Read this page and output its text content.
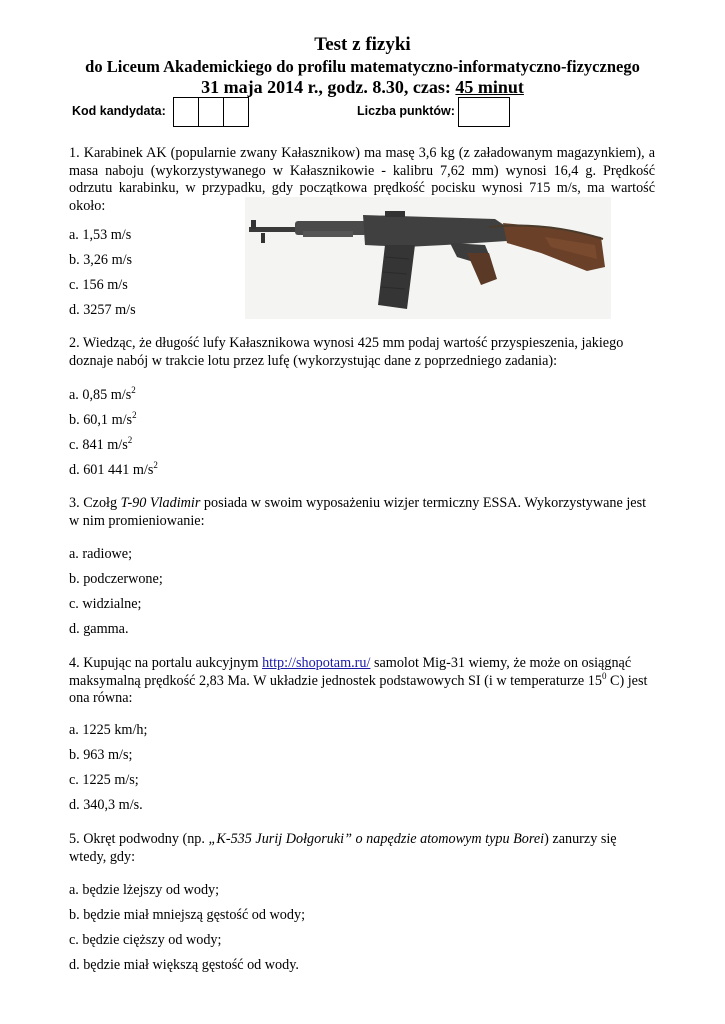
Test z fizyki
do Liceum Akademickiego do profilu matematyczno-informatyczno-fizycznego
31 maja 2014 r., godz. 8.30, czas: 45 minut
Kod kandydata:	Liczba punktów:
1. Karabinek AK (popularnie zwany Kałasznikow) ma masę 3,6 kg (z załadowanym magazynkiem), a masa naboju (wykorzystywanego w Kałasznikowie - kalibru 7,62 mm) wynosi 16,4 g. Prędkość odrzutu karabinku, w przypadku, gdy początkowa prędkość pocisku wynosi 715 m/s, ma wartość około:
a. 1,53 m/s
b. 3,26 m/s
c. 156 m/s
d. 3257 m/s
2. Wiedząc, że długość lufy Kałasznikowa wynosi 425 mm podaj wartość przyspieszenia, jakiego doznaje nabój w trakcie lotu przez lufę (wykorzystując dane z poprzedniego zadania):
a. 0,85 $m/s^2$
b. 60,1 $m/s^2$
c. 841 $m/s^2$
d. 601 441 $m/s^2$
3. Czołg T-90 Vladimir posiada w swoim wyposażeniu wizjer termiczny ESSA. Wykorzystywane jest w nim promieniowanie:
a. radiowe;
b. podczerwone;
c. widzialne;
d. gamma.
4. Kupując na portalu aukcyjnym http://shopotam.ru/ samolot Mig-31 wiemy, że może on osiągnąć maksymalną prędkość 2,83 Ma. W układzie jednostek podstawowych SI (i w temperaturze $15^0$ C) jest ona równa:
a. 1225 km/h;
b. 963 m/s;
c. 1225 m/s;
d. 340,3 m/s.
5. Okręt podwodny (np. „K-535 Jurij Dołgoruki” o napędzie atomowym typu Borei) zanurzy się wtedy, gdy:
a. będzie lżejszy od wody;
b. będzie miał mniejszą gęstość od wody;
c. będzie cięższy od wody;
d. będzie miał większą gęstość od wody.
